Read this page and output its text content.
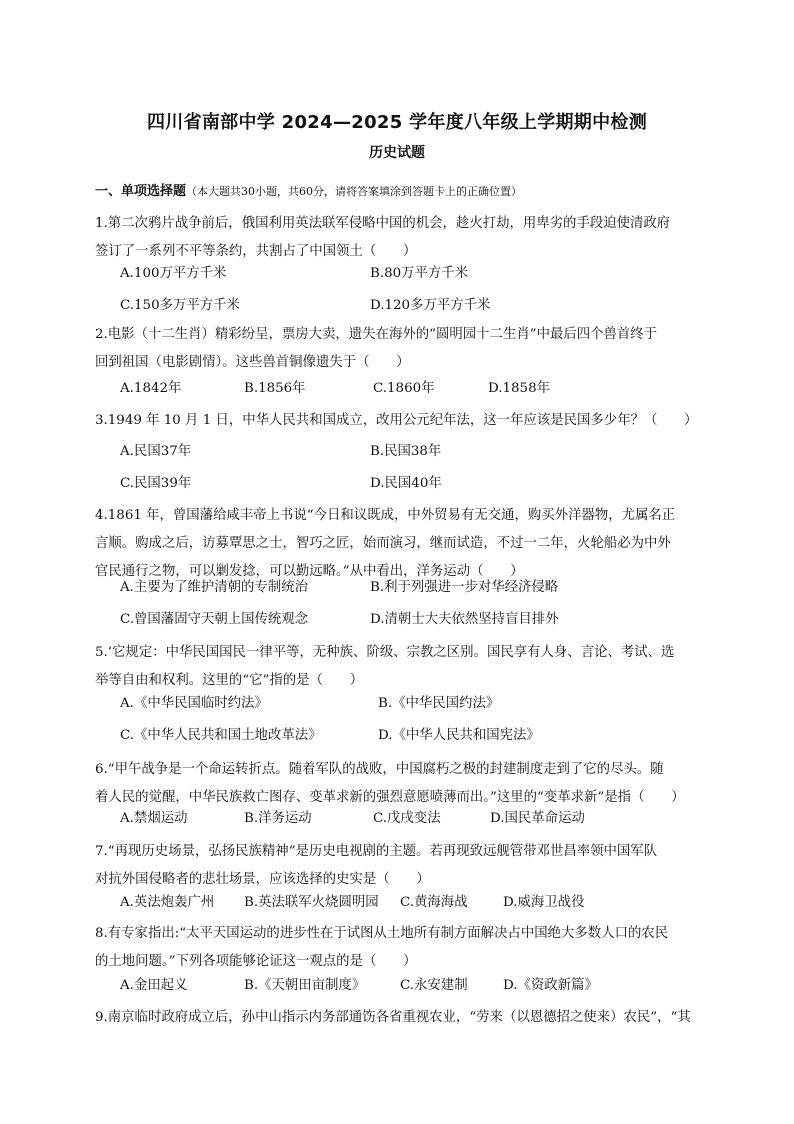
四川省南部中学 2024—2025 学年度八年级上学期期中检测
历史试题
一、单项选择题（本大题共30小题，共60分，请将答案填涂到答题卡上的正确位置）

1.第二次鸦片战争前后，俄国利用英法联军侵略中国的机会，趁火打劫，用卑劣的手段迫使清政府

签订了一系列不平等条约，共割占了中国领土（　　）

A.100万平方千米	B.80万平方千米
C.150多万平方千米	D.120多万平方千米

2.电影（十二生肖）精彩纷呈，票房大卖，遗失在海外的“圆明园十二生肖”中最后四个兽首终于

回到祖国（电影剧情）。这些兽首铜像遗失于（　　）

A.1842年	B.1856年	C.1860年	D.1858年

3.1949 年 10 月 1 日，中华人民共和国成立，改用公元纪年法，这一年应该是民国多少年？（　　）

A.民国37年	B.民国38年
C.民国39年	D.民国40年

4.1861 年，曾国藩给咸丰帝上书说“今日和议既成，中外贸易有无交通，购买外洋器物，尤属名正

言顺。购成之后，访募覃思之士，智巧之匠，始而演习，继而试造，不过一二年，火轮船必为中外

官民通行之物，可以剿发捻，可以勤远略。”从中看出，洋务运动（　　）

A.主要为了维护清朝的专制统治	B.利于列强进一步对华经济侵略
C.曾国藩固守天朝上国传统观念	D.清朝士大夫依然坚持盲目排外

5.‘它规定：中华民国国民一律平等，无种族、阶级、宗教之区别。国民享有人身、言论、考试、选

举等自由和权利。这里的“它”指的是（　　）

A.《中华民国临时约法》	B.《中华民国约法》
C.《中华人民共和国土地改革法》	D.《中华人民共和国宪法》

6.“甲午战争是一个命运转折点。随着军队的战败，中国腐朽之极的封建制度走到了它的尽头。随

着人民的觉醒，中华民族救亡图存、变革求新的强烈意愿喷薄而出。”这里的“变革求新”是指（　　）

A.禁烟运动	B.洋务运动	C.戊戌变法	D.国民革命运动

7.“再现历史场景，弘扬民族精神”是历史电视剧的主题。若再现致远舰管带邓世昌率领中国军队

对抗外国侵略者的悲壮场景，应该选择的史实是（　　）

A.英法炮轰广州 B.英法联军火烧圆明园 C.黄海海战	D.威海卫战役

8.有专家指出:“太平天国运动的进步性在于试图从土地所有制方面解决占中国绝大多数人口的农民

的土地问题。”下列各项能够论证这一观点的是（　　）

A.金田起义	B.《天朝田亩制度》	C.永安建制	D.《资政新篇》

9.南京临时政府成立后，孙中山指示内务部通饬各省重视农业，“劳来（以恩德招之使来）农民”，“其
